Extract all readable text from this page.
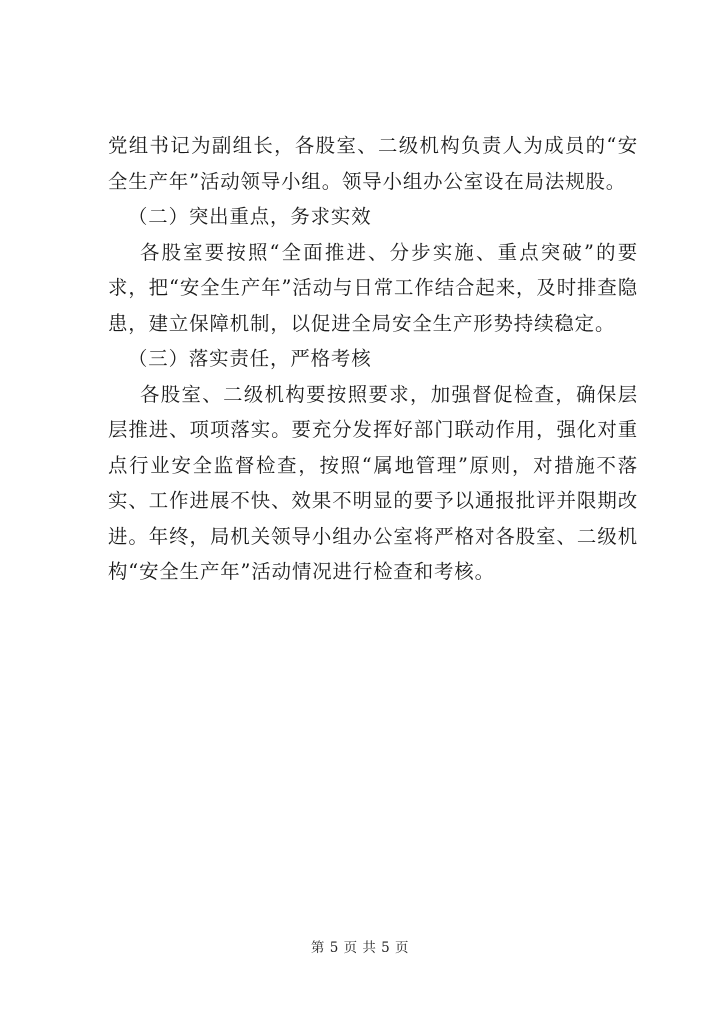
党组书记为副组长，各股室、二级机构负责人为成员的“安全生产年”活动领导小组。领导小组办公室设在局法规股。

（二）突出重点，务求实效

各股室要按照“全面推进、分步实施、重点突破”的要求，把“安全生产年”活动与日常工作结合起来，及时排查隐患，建立保障机制，以促进全局安全生产形势持续稳定。

（三）落实责任，严格考核

各股室、二级机构要按照要求，加强督促检查，确保层层推进、项项落实。要充分发挥好部门联动作用，强化对重点行业安全监督检查，按照“属地管理”原则，对措施不落实、工作进展不快、效果不明显的要予以通报批评并限期改进。年终，局机关领导小组办公室将严格对各股室、二级机构“安全生产年”活动情况进行检查和考核。

第 5 页 共 5 页
